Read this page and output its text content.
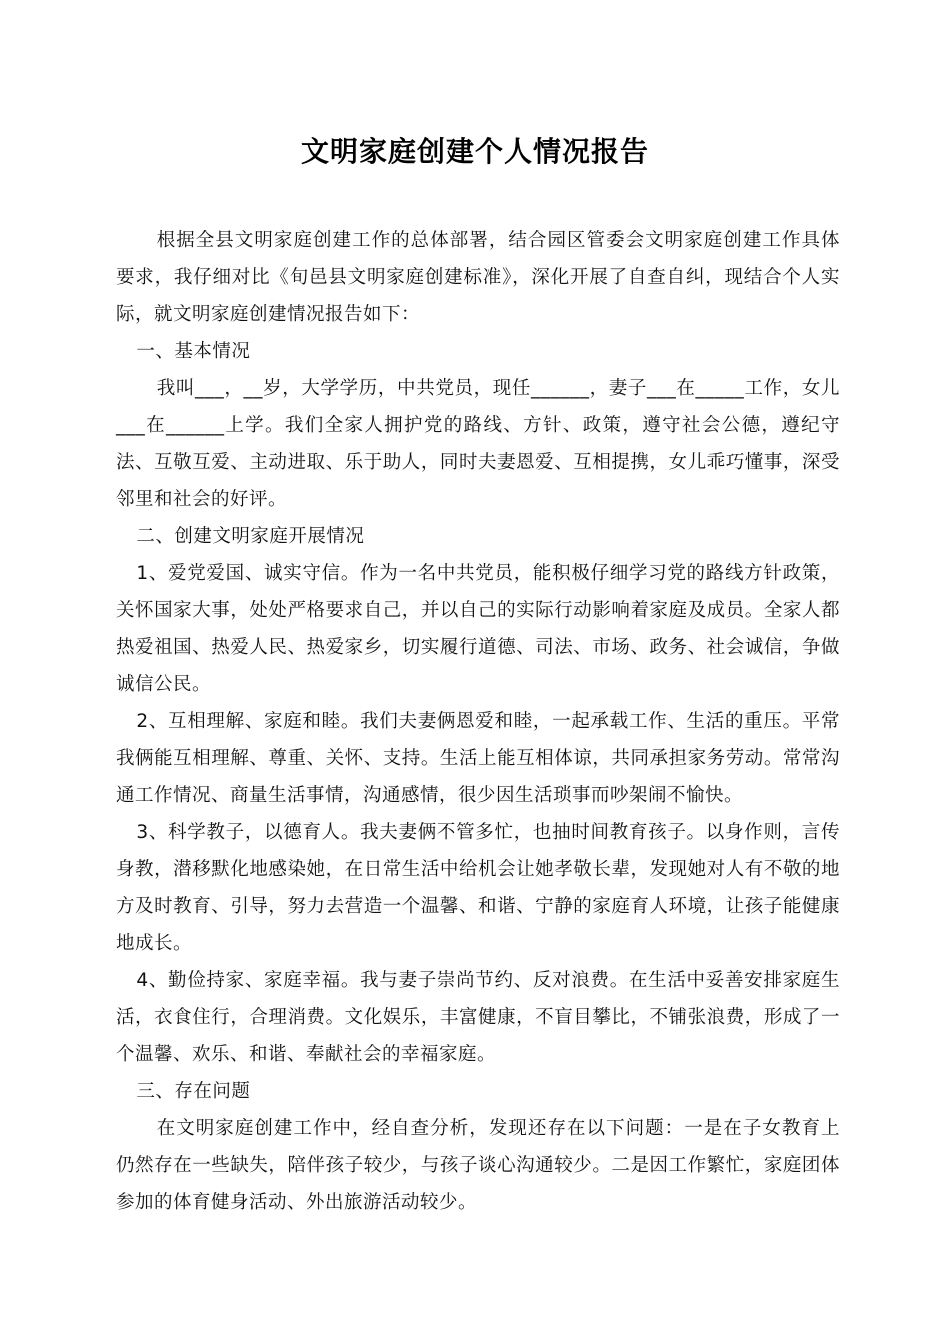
文明家庭创建个人情况报告

根据全县文明家庭创建工作的总体部署，结合园区管委会文明家庭创建工作具体要求，我仔细对比《旬邑县文明家庭创建标准》，深化开展了自查自纠，现结合个人实际，就文明家庭创建情况报告如下：

一、基本情况

我叫___，__岁，大学学历，中共党员，现任______，妻子___在_____工作，女儿___在______上学。我们全家人拥护党的路线、方针、政策，遵守社会公德，遵纪守法、互敬互爱、主动进取、乐于助人，同时夫妻恩爱、互相提携，女儿乖巧懂事，深受邻里和社会的好评。

二、创建文明家庭开展情况

1、爱党爱国、诚实守信。作为一名中共党员，能积极仔细学习党的路线方针政策，关怀国家大事，处处严格要求自己，并以自己的实际行动影响着家庭及成员。全家人都热爱祖国、热爱人民、热爱家乡，切实履行道德、司法、市场、政务、社会诚信，争做诚信公民。

2、互相理解、家庭和睦。我们夫妻俩恩爱和睦，一起承载工作、生活的重压。平常我俩能互相理解、尊重、关怀、支持。生活上能互相体谅，共同承担家务劳动。常常沟通工作情况、商量生活事情，沟通感情，很少因生活琐事而吵架闹不愉快。

3、科学教子，以德育人。我夫妻俩不管多忙，也抽时间教育孩子。以身作则，言传身教，潜移默化地感染她，在日常生活中给机会让她孝敬长辈，发现她对人有不敬的地方及时教育、引导，努力去营造一个温馨、和谐、宁静的家庭育人环境，让孩子能健康地成长。

4、勤俭持家、家庭幸福。我与妻子崇尚节约、反对浪费。在生活中妥善安排家庭生活，衣食住行，合理消费。文化娱乐，丰富健康，不盲目攀比，不铺张浪费，形成了一个温馨、欢乐、和谐、奉献社会的幸福家庭。

三、存在问题

在文明家庭创建工作中，经自查分析，发现还存在以下问题：一是在子女教育上仍然存在一些缺失，陪伴孩子较少，与孩子谈心沟通较少。二是因工作繁忙，家庭团体参加的体育健身活动、外出旅游活动较少。
